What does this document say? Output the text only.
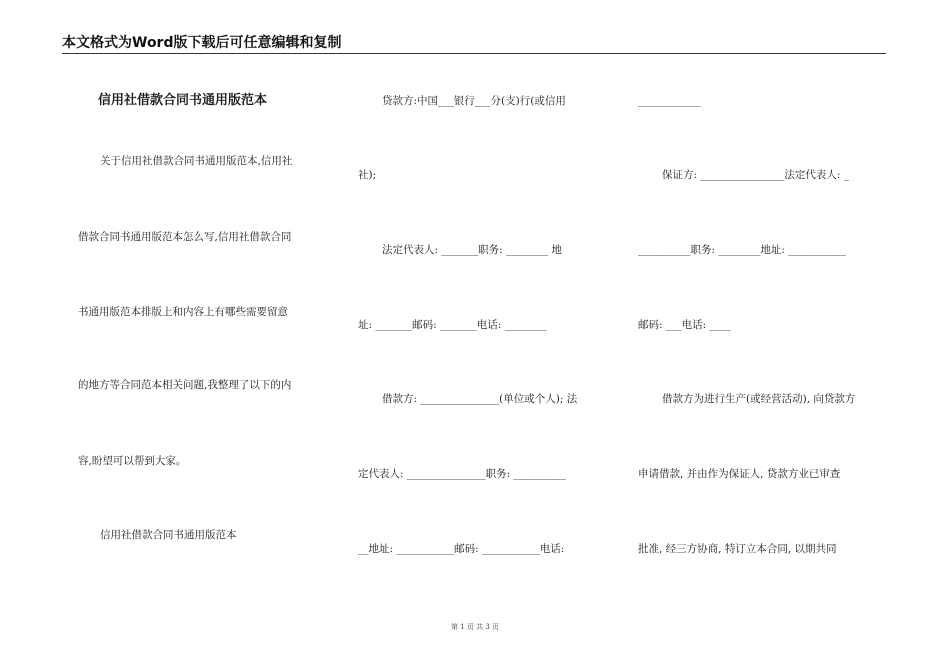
本文格式为Word版下载后可任意编辑和复制
信用社借款合同书通用版范本
关于信用社借款合同书通用版范本,信用社
借款合同书通用版范本怎么写,信用社借款合同
书通用版范本排版上和内容上有哪些需要留意
的地方等合同范本相关问题,我整理了以下的内
容,盼望可以帮到大家。
信用社借款合同书通用版范本
贷款方:中国___银行___分(支)行(或信用
社);
法定代表人: _______职务: ________ 地
址: _______邮码: _______电话: ________
借款方: _______________(单位或个人); 法
定代表人: _______________职务: __________
__地址: ___________邮码: ___________电话:
____________
保证方: ________________法定代表人: _
__________职务: ________地址: ___________
邮码: ___电话: ____
借款方为进行生产(或经营活动), 向贷款方
申请借款, 并由作为保证人, 贷款方业已审查
批准, 经三方协商, 特订立本合同, 以期共同
第 1 页 共 3 页
